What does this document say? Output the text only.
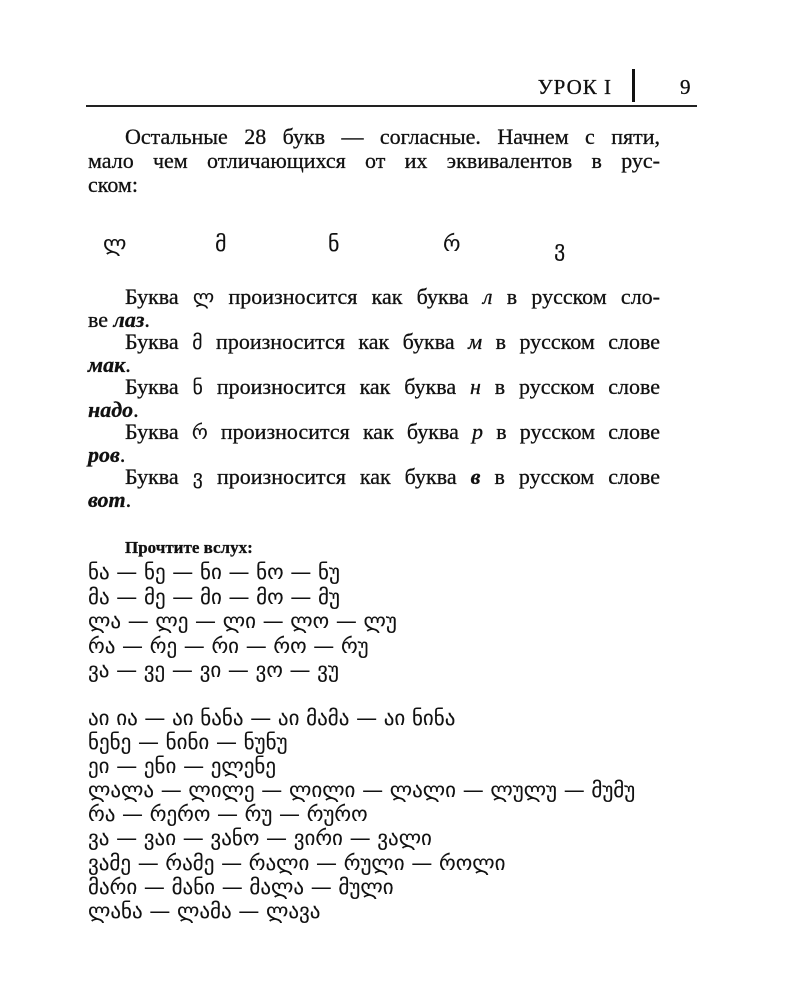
УРОК I	9
Остальные 28 букв — согласные. Начнем с пяти,
мало чем отличающихся от их эквивалентов в рус-
ском:
ლ	მ	ნ	რ	ვ
Буква ლ произносится как буква л в русском сло-
ве лаз.
Буква მ произносится как буква м в русском слове
мак.
Буква ნ произносится как буква н в русском слове
надо.
Буква რ произносится как буква р в русском слове
ров.
Буква ვ произносится как буква в в русском слове
вот.
Прочтите вслух:
ნა — ნე — ნი — ნო — ნუ
მა — მე — მი — მო — მუ
ლა — ლე — ლი — ლო — ლუ
რა — რე — რი — რო — რუ
ვა — ვე — ვი — ვო — ვუ
აი ია — აი ნანა — აი მამა — აი ნინა
ნენე — ნინი — ნუნუ
ეი — ენი — ელენე
ლალა — ლილე — ლილი — ლალი — ლულუ — მუმუ
რა — რერო — რუ — რურო
ვა — ვაი — ვანო — ვირი — ვალი
ვამე — რამე — რალი — რული — როლი
მარი — მანი — მალა — მული
ლანა — ლამა — ლავა
